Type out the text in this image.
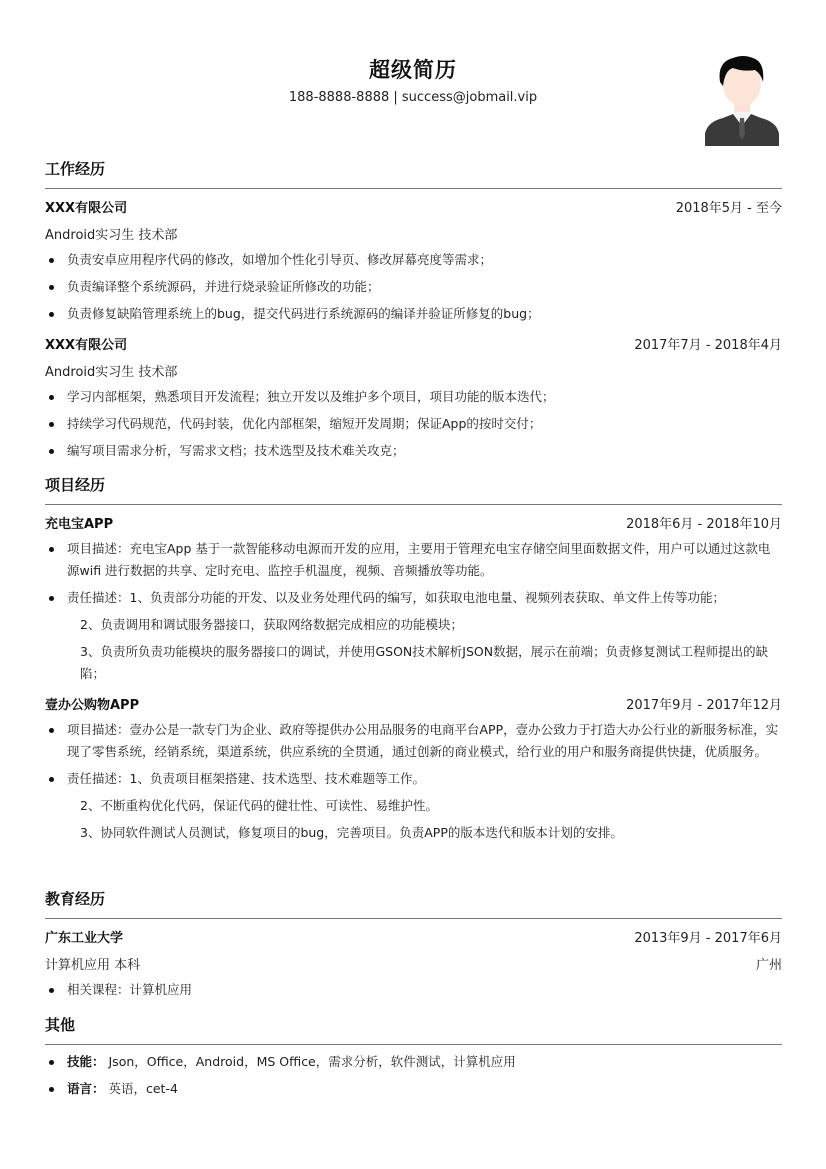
超级简历
188-8888-8888 | success@jobmail.vip
工作经历
XXX有限公司	2018年5月 - 至今
Android实习生 技术部
负责安卓应用程序代码的修改，如增加个性化引导页、修改屏幕亮度等需求；
负责编译整个系统源码，并进行烧录验证所修改的功能；
负责修复缺陷管理系统上的bug，提交代码进行系统源码的编译并验证所修复的bug；
XXX有限公司	2017年7月 - 2018年4月
Android实习生 技术部
学习内部框架，熟悉项目开发流程；独立开发以及维护多个项目，项目功能的版本迭代；
持续学习代码规范，代码封装，优化内部框架，缩短开发周期；保证App的按时交付；
编写项目需求分析，写需求文档；技术选型及技术难关攻克；
项目经历
充电宝APP	2018年6月 - 2018年10月
项目描述：充电宝App 基于一款智能移动电源而开发的应用，主要用于管理充电宝存储空间里面数据文件，用户可以通过这款电源wifi 进行数据的共享、定时充电、监控手机温度，视频、音频播放等功能。
责任描述：1、负责部分功能的开发、以及业务处理代码的编写，如获取电池电量、视频列表获取、单文件上传等功能；
2、负责调用和调试服务器接口，获取网络数据完成相应的功能模块；
3、负责所负责功能模块的服务器接口的调试，并使用GSON技术解析JSON数据，展示在前端；负责修复测试工程师提出的缺陷；
壹办公购物APP	2017年9月 - 2017年12月
项目描述：壹办公是一款专门为企业、政府等提供办公用品服务的电商平台APP，壹办公致力于打造大办公行业的新服务标准，实现了零售系统，经销系统，渠道系统，供应系统的全贯通，通过创新的商业模式，给行业的用户和服务商提供快捷，优质服务。
责任描述：1、负责项目框架搭建、技术选型、技术难题等工作。
2、不断重构优化代码，保证代码的健壮性、可读性、易维护性。
3、协同软件测试人员测试，修复项目的bug，完善项目。负责APP的版本迭代和版本计划的安排。
教育经历
广东工业大学	2013年9月 - 2017年6月
计算机应用 本科	广州
相关课程：计算机应用
其他
技能： Json，Office，Android，MS Office，需求分析，软件测试，计算机应用
语言： 英语，cet-4
